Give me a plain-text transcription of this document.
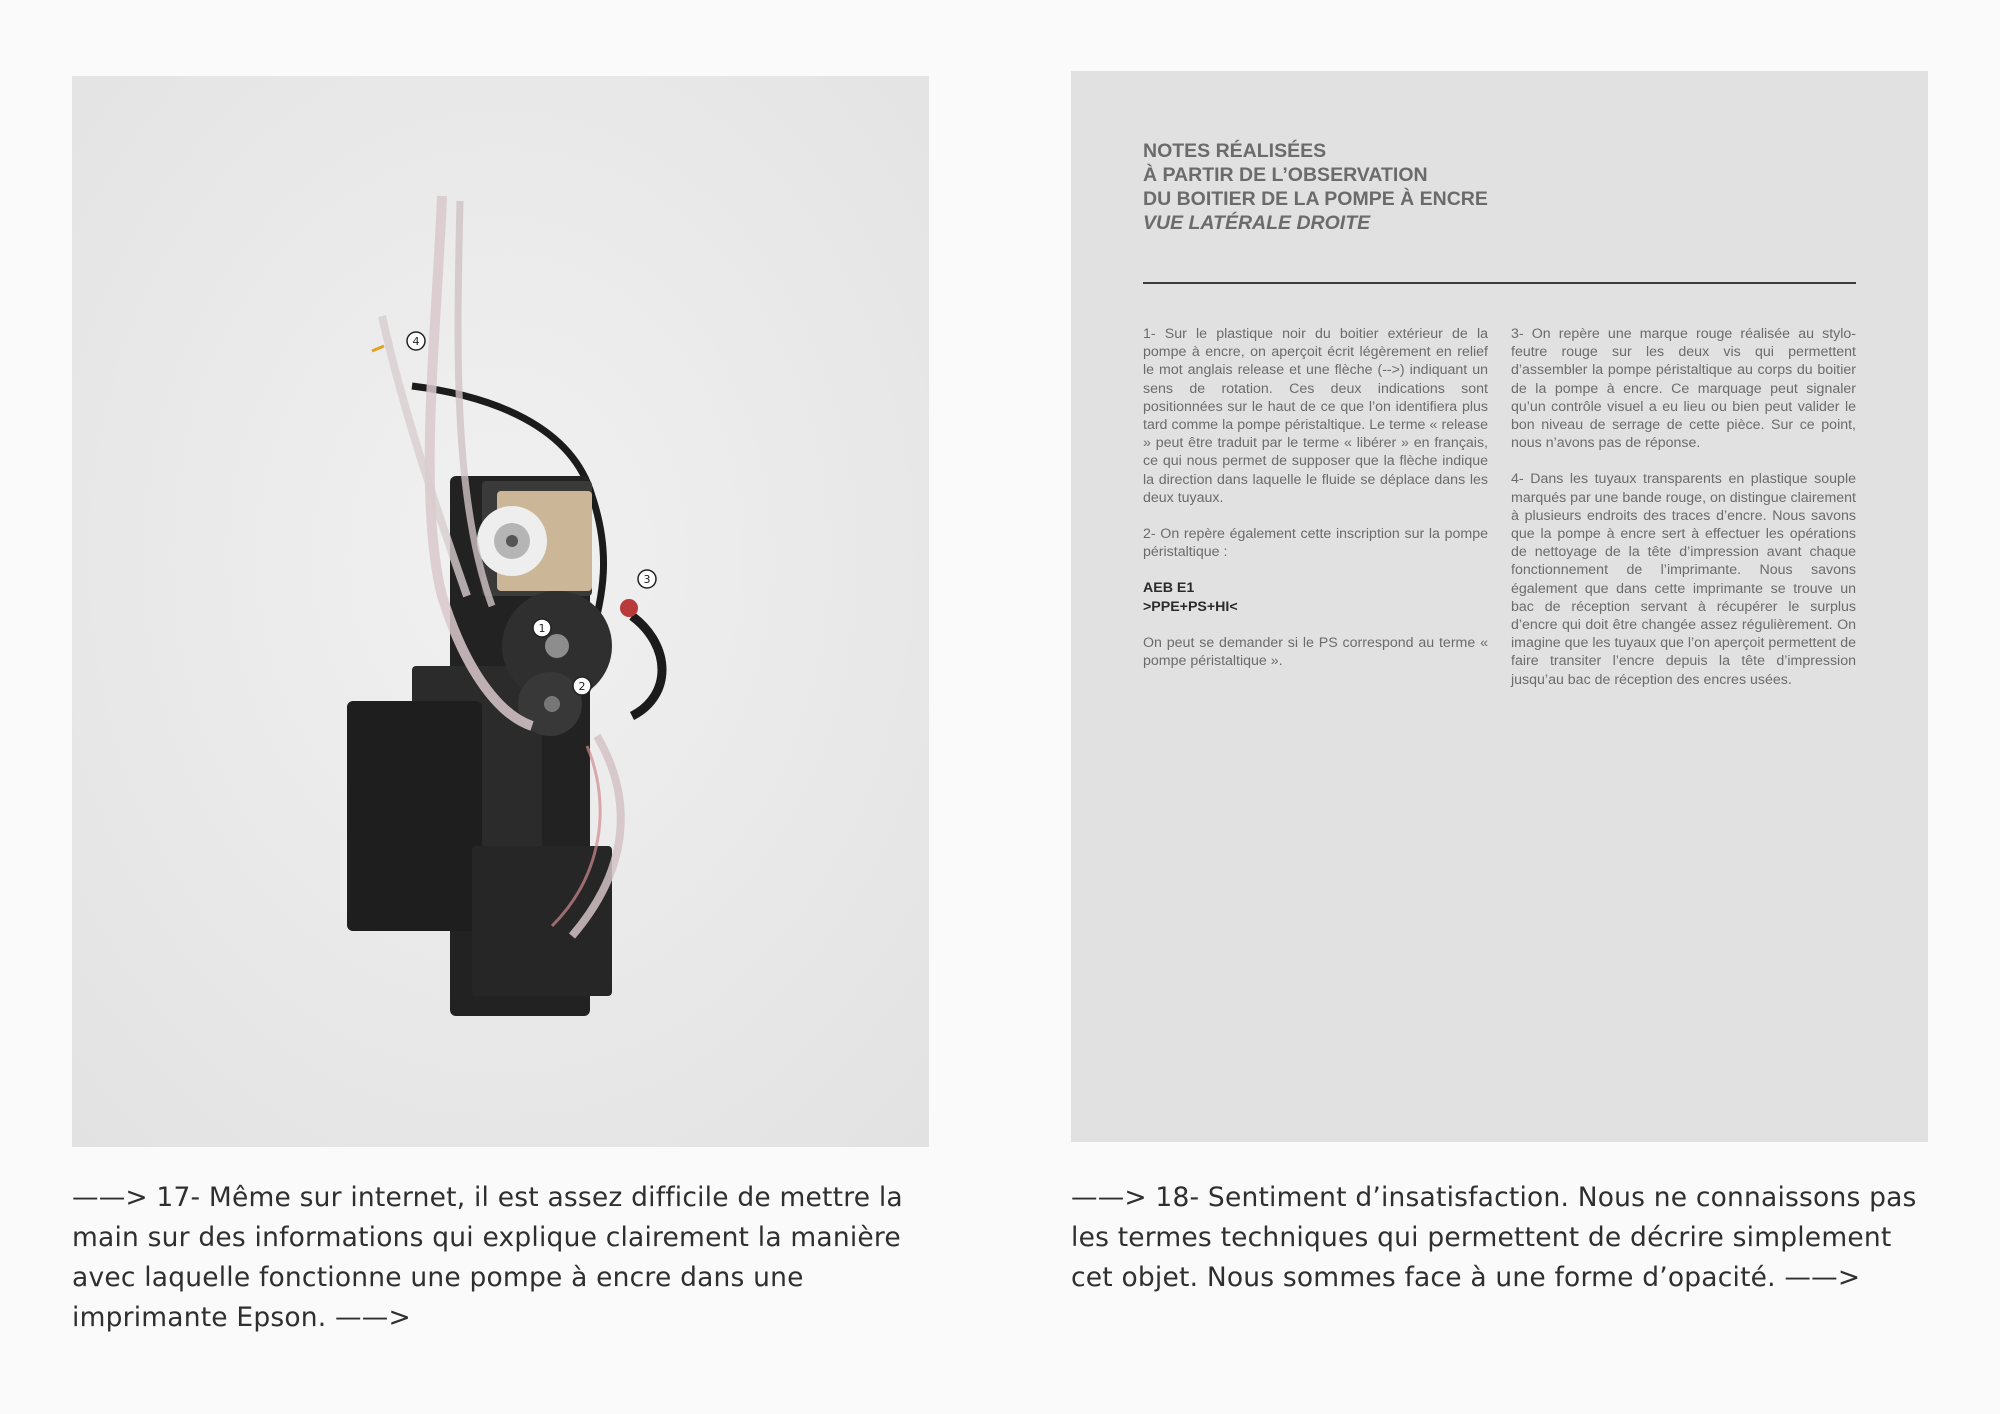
1
2
3
4
NOTES RÉALISÉES
À PARTIR DE L’OBSERVATION
DU BOITIER DE LA POMPE À ENCRE
VUE LATÉRALE DROITE

1- Sur le plastique noir du boitier extérieur de la pompe à encre, on aperçoit écrit légèrement en relief le mot anglais release et une flèche (-->) indiquant un sens de rotation. Ces deux indications sont positionnées sur le haut de ce que l’on identifiera plus tard comme la pompe péristaltique. Le terme « release » peut être traduit par le terme « libérer » en français, ce qui nous permet de supposer que la flèche indique la direction dans laquelle le fluide se déplace dans les deux tuyaux.

2- On repère également cette inscription sur la pompe péristaltique :

AEB E1

>PPE+PS+HI<

On peut se demander si le PS correspond au terme « pompe péristaltique ».

3- On repère une marque rouge réalisée au stylo-feutre rouge sur les deux vis qui permettent d’assembler la pompe péristaltique au corps du boitier de la pompe à encre. Ce marquage peut signaler qu’un contrôle visuel a eu lieu ou bien peut valider le bon niveau de serrage de cette pièce. Sur ce point, nous n’avons pas de réponse.

4- Dans les tuyaux transparents en plastique souple marqués par une bande rouge, on distingue clairement à plusieurs endroits des traces d’encre. Nous savons que la pompe à encre sert à effectuer les opérations de nettoyage de la tête d’impression avant chaque fonctionnement de l’imprimante. Nous savons également que dans cette imprimante se trouve un bac de réception servant à récupérer le surplus d’encre qui doit être changée assez régulièrement. On imagine que les tuyaux que l’on aperçoit permettent de faire transiter l’encre depuis la tête d’impression jusqu’au bac de réception des encres usées.

——> 17- Même sur internet, il est assez difficile de mettre la main sur des informations qui explique clairement la manière avec laquelle fonctionne une pompe à encre dans une imprimante Epson. ——>
——> 18- Sentiment d’insatisfaction. Nous ne connaissons pas les termes techniques qui permettent de décrire simplement cet objet. Nous sommes face à une forme d’opacité. ——>
